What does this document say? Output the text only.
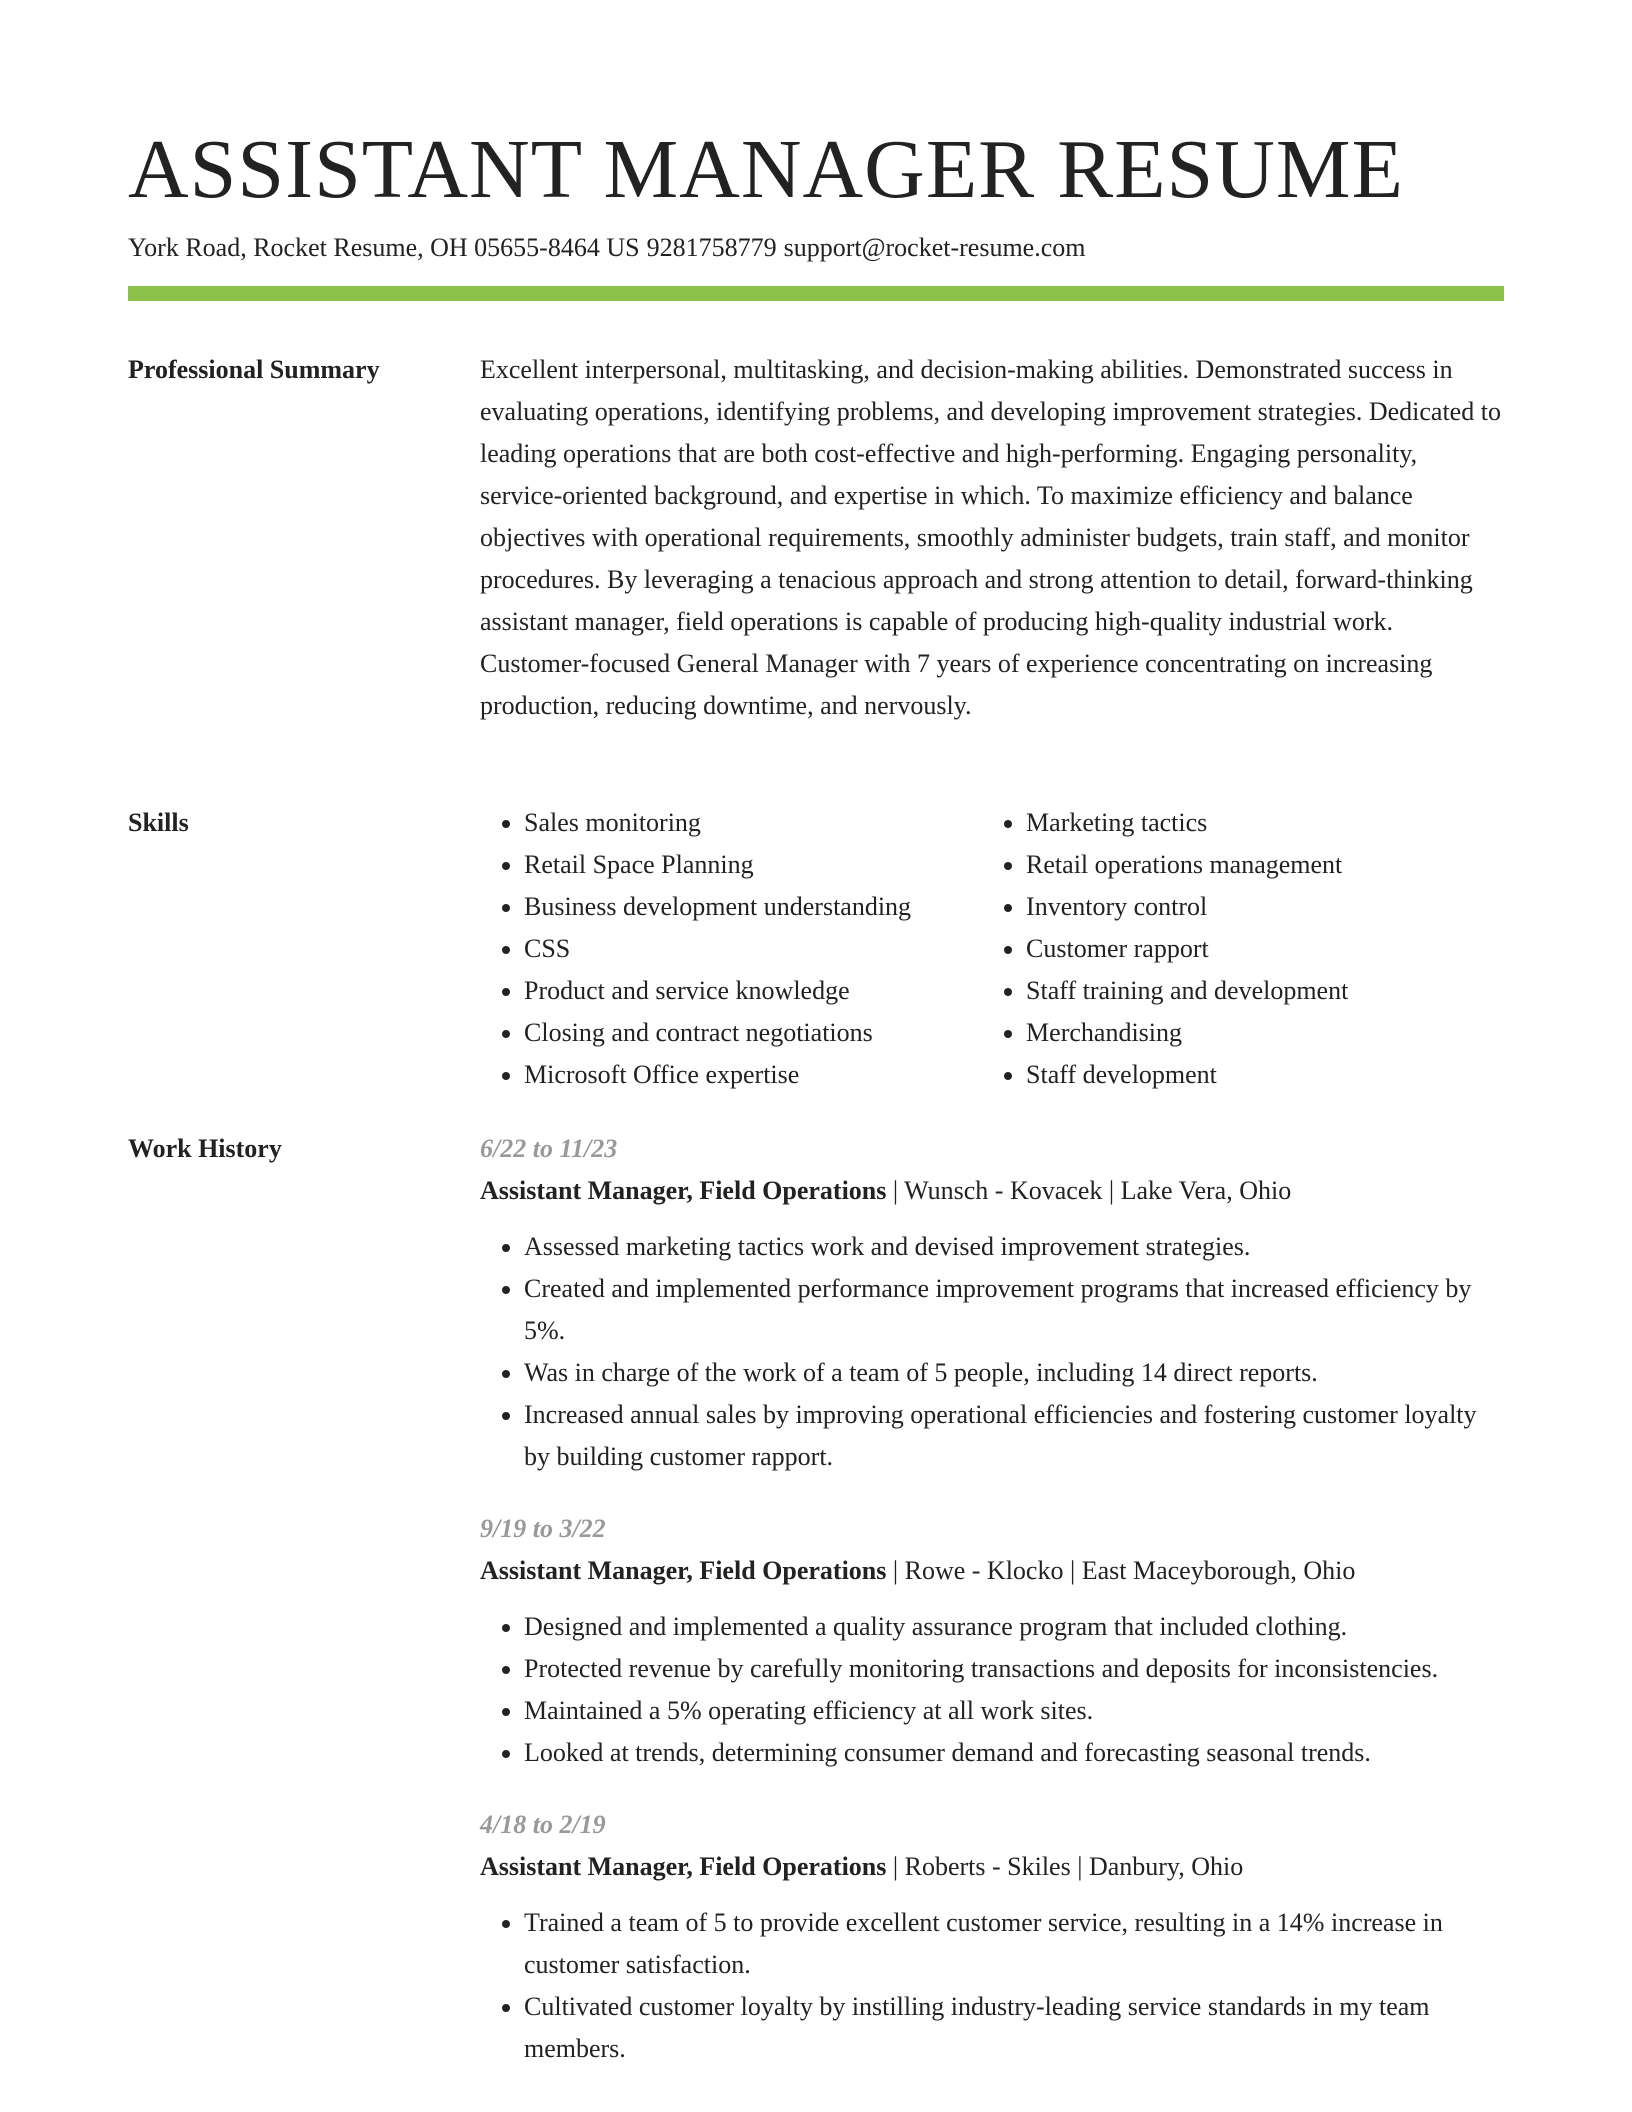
ASSISTANT MANAGER RESUME
York Road, Rocket Resume, OH 05655-8464 US 9281758779 support@rocket-resume.com
Professional Summary	Excellent interpersonal, multitasking, and decision-making abilities. Demonstrated success in evaluating operations, identifying problems, and developing improvement strategies. Dedicated to leading operations that are both cost-effective and high-performing. Engaging personality, service-oriented background, and expertise in which. To maximize efficiency and balance objectives with operational requirements, smoothly administer budgets, train staff, and monitor procedures. By leveraging a tenacious approach and strong attention to detail, forward-thinking assistant manager, field operations is capable of producing high-quality industrial work. Customer-focused General Manager with 7 years of experience concentrating on increasing production, reducing downtime, and nervously.

Skills
•	Sales monitoring
• Retail Space Planning
• Business development understanding
• CSS
• Product and service knowledge
• Closing and contract negotiations
• Microsoft Office expertise
• Marketing tactics
• Retail operations management
• Inventory control
• Customer rapport
• Staff training and development
• Merchandising
• Staff development
Work History	6/22 to 11/23
Assistant Manager, Field Operations | Wunsch - Kovacek | Lake Vera, Ohio
• Assessed marketing tactics work and devised improvement strategies.
• Created and implemented performance improvement programs that increased efficiency by 5%.
• Was in charge of the work of a team of 5 people, including 14 direct reports.
• Increased annual sales by improving operational efficiencies and fostering customer loyalty by building customer rapport.
9/19 to 3/22
Assistant Manager, Field Operations | Rowe - Klocko | East Maceyborough, Ohio
• Designed and implemented a quality assurance program that included clothing.
• Protected revenue by carefully monitoring transactions and deposits for inconsistencies.
• Maintained a 5% operating efficiency at all work sites.
• Looked at trends, determining consumer demand and forecasting seasonal trends.
4/18 to 2/19
Assistant Manager, Field Operations | Roberts - Skiles | Danbury, Ohio
• Trained a team of 5 to provide excellent customer service, resulting in a 14% increase in customer satisfaction.
• Cultivated customer loyalty by instilling industry-leading service standards in my team members.
